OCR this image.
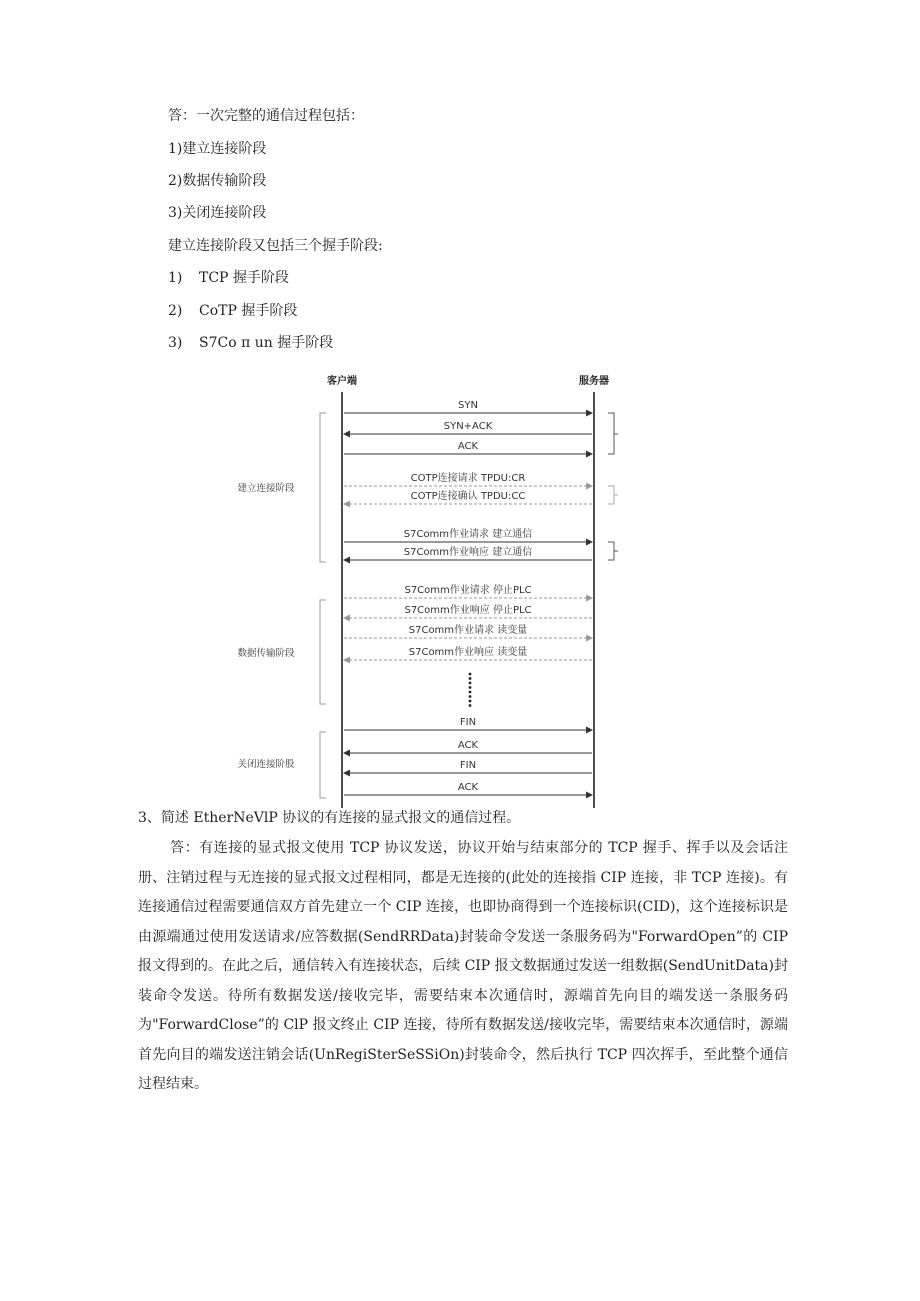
答：一次完整的通信过程包括：
1)建立连接阶段
2)数据传输阶段
3)关闭连接阶段
建立连接阶段又包括三个握手阶段:
1) TCP 握手阶段
2) CoTP 握手阶段
3) S7Co π un 握手阶段
客户端	服务器
建立连接阶段
数据传输阶段
关闭连接阶股
SYN
SYN+ACK
ACK
COTP连接请求 TPDU:CR
COTP连接确认 TPDU:CC
S7Comm作业请求 建立通信
S7Comm作业响应 建立通信
S7Comm作业请求 停止PLC
S7Comm作业响应 停止PLC
S7Comm作业请求 读变量
S7Comm作业响应 读变量
FIN
ACK
FIN
ACK
3、简述 EtherNeVlP 协议的有连接的显式报文的通信过程。
答：有连接的显式报文使用 TCP 协议发送，协议开始与结束部分的 TCP 握手、挥手以及会话注册、注销过程与无连接的显式报文过程相同，都是无连接的(此处的连接指 CIP 连接，非 TCP 连接)。有连接通信过程需要通信双方首先建立一个 CIP 连接，也即协商得到一个连接标识(CID)，这个连接标识是由源端通过使用发送请求/应答数据(SendRRData)封装命令发送一条服务码为"ForwardOpen”的 CIP 报文得到的。在此之后，通信转入有连接状态，后续 CIP 报文数据通过发送一组数据(SendUnitData)封装命令发送。待所有数据发送/接收完毕，需要结束本次通信时，源端首先向目的端发送一条服务码为"ForwardClose”的 ClP 报文终止 CIP 连接，待所有数据发送/接收完毕，需要结束本次通信时，源端首先向目的端发送注销会话(UnRegiSterSeSSiOn)封装命令，然后执行 TCP 四次挥手，至此整个通信过程结束。
